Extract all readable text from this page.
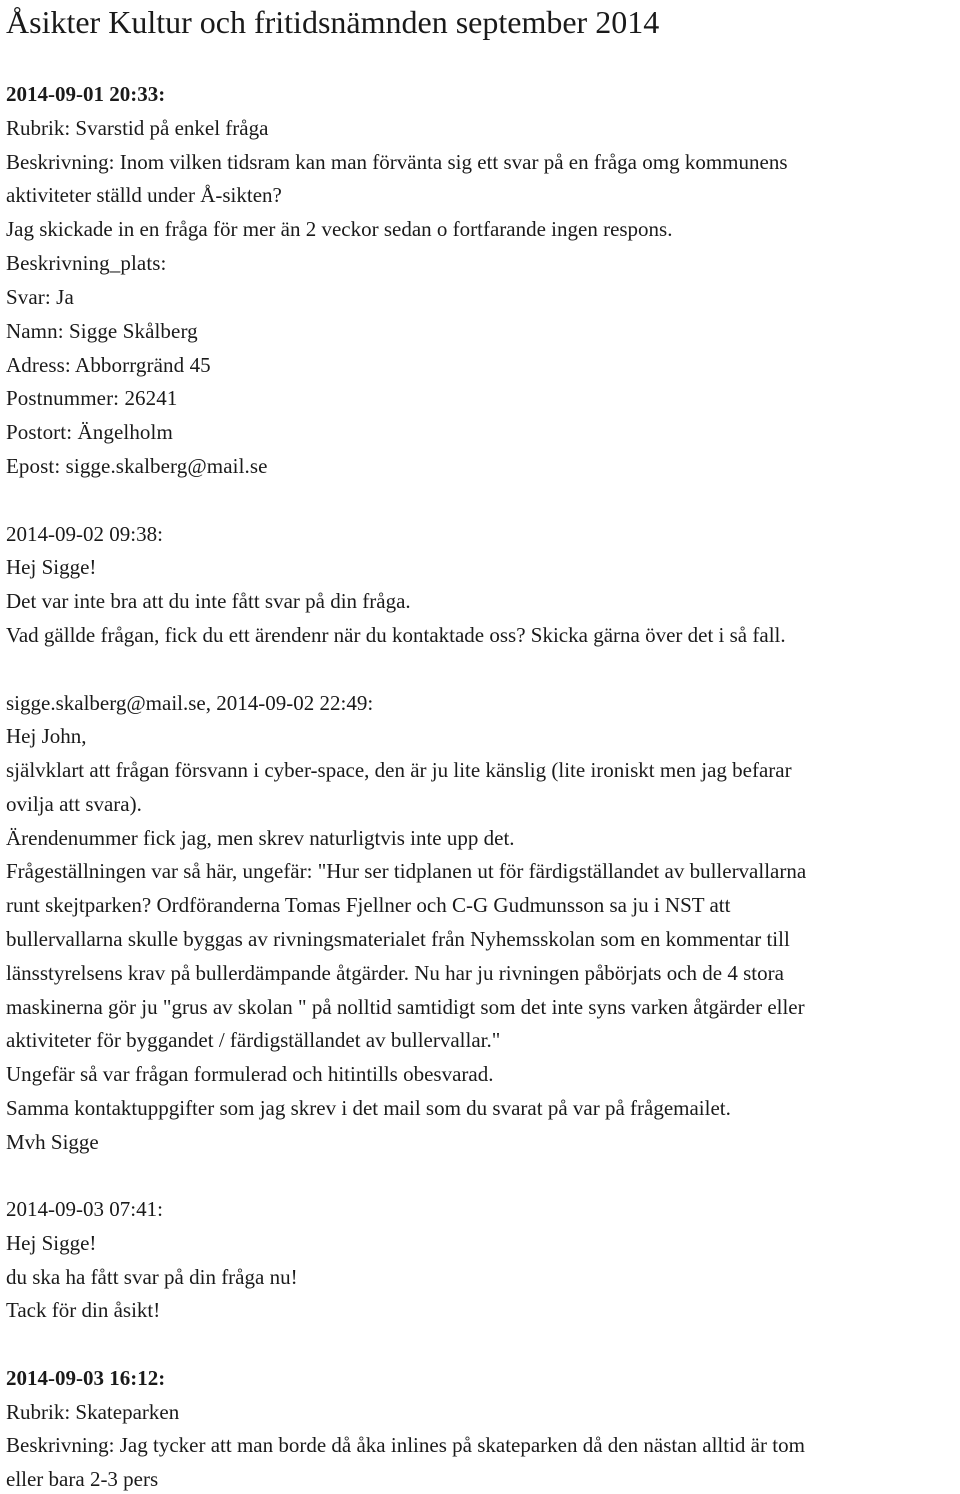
Åsikter Kultur och fritidsnämnden september 2014
2014-09-01 20:33:
Rubrik: Svarstid på enkel fråga
Beskrivning: Inom vilken tidsram kan man förvänta sig ett svar på en fråga omg kommunens
aktiviteter ställd under Å-sikten?
Jag skickade in en fråga för mer än 2 veckor sedan o fortfarande ingen respons.
Beskrivning_plats:
Svar: Ja
Namn: Sigge Skålberg
Adress: Abborrgränd 45
Postnummer: 26241
Postort: Ängelholm
Epost: sigge.skalberg@mail.se
2014-09-02 09:38:
Hej Sigge!
Det var inte bra att du inte fått svar på din fråga.
Vad gällde frågan, fick du ett ärendenr när du kontaktade oss? Skicka gärna över det i så fall.
sigge.skalberg@mail.se, 2014-09-02 22:49:
Hej John,
självklart att frågan försvann i cyber-space, den är ju lite känslig (lite ironiskt men jag befarar
ovilja att svara).
Ärendenummer fick jag, men skrev naturligtvis inte upp det.
Frågeställningen var så här, ungefär: "Hur ser tidplanen ut för färdigställandet av bullervallarna
runt skejtparken? Ordföranderna Tomas Fjellner och C-G Gudmunsson sa ju i NST att
bullervallarna skulle byggas av rivningsmaterialet från Nyhemsskolan som en kommentar till
länsstyrelsens krav på bullerdämpande åtgärder. Nu har ju rivningen påbörjats och de 4 stora
maskinerna gör ju "grus av skolan " på nolltid samtidigt som det inte syns varken åtgärder eller
aktiviteter för byggandet / färdigställandet av bullervallar."
Ungefär så var frågan formulerad och hitintills obesvarad.
Samma kontaktuppgifter som jag skrev i det mail som du svarat på var på frågemailet.
Mvh Sigge
2014-09-03 07:41:
Hej Sigge!
du ska ha fått svar på din fråga nu!
Tack för din åsikt!
2014-09-03 16:12:
Rubrik: Skateparken
Beskrivning: Jag tycker att man borde då åka inlines på skateparken då den nästan alltid är tom
eller bara 2-3 pers
